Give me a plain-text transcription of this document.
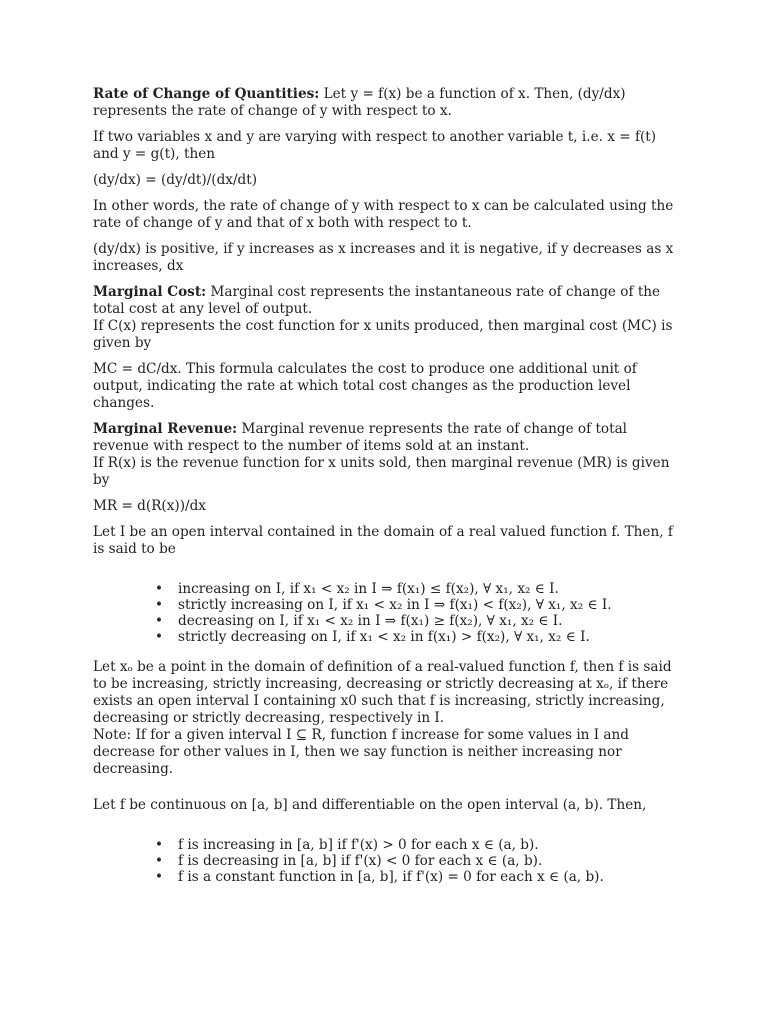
Rate of Change of Quantities: Let y = f(x) be a function of x. Then, (dy/dx) represents the rate of change of y with respect to x.

If two variables x and y are varying with respect to another variable t, i.e. x = f(t) and y = g(t), then

(dy/dx) = (dy/dt)/(dx/dt)

In other words, the rate of change of y with respect to x can be calculated using the rate of change of y and that of x both with respect to t.

(dy/dx) is positive, if y increases as x increases and it is negative, if y decreases as x increases, dx

Marginal Cost: Marginal cost represents the instantaneous rate of change of the total cost at any level of output.
If C(x) represents the cost function for x units produced, then marginal cost (MC) is given by

MC = dC/dx. This formula calculates the cost to produce one additional unit of output, indicating the rate at which total cost changes as the production level changes.

Marginal Revenue: Marginal revenue represents the rate of change of total revenue with respect to the number of items sold at an instant.
If R(x) is the revenue function for x units sold, then marginal revenue (MR) is given by

MR = d(R(x))/dx

Let I be an open interval contained in the domain of a real valued function f. Then, f is said to be

• increasing on I, if x₁ < x₂ in I ⇒ f(x₁) ≤ f(x₂), ∀ x₁, x₂ ∈ I.
• strictly increasing on I, if x₁ < x₂ in I ⇒ f(x₁) < f(x₂), ∀ x₁, x₂ ∈ I.
• decreasing on I, if x₁ < x₂ in I ⇒ f(x₁) ≥ f(x₂), ∀ x₁, x₂ ∈ I.
• strictly decreasing on I, if x₁ < x₂ in f(x₁) > f(x₂), ∀ x₁, x₂ ∈ I.

Let xₒ be a point in the domain of definition of a real-valued function f, then f is said to be increasing, strictly increasing, decreasing or strictly decreasing at xₒ, if there exists an open interval I containing x0 such that f is increasing, strictly increasing, decreasing or strictly decreasing, respectively in I.

Note: If for a given interval I ⊆ R, function f increase for some values in I and decrease for other values in I, then we say function is neither increasing nor decreasing.

Let f be continuous on [a, b] and differentiable on the open interval (a, b). Then,

• f is increasing in [a, b] if f'(x) > 0 for each x ∈ (a, b).
• f is decreasing in [a, b] if f'(x) < 0 for each x ∈ (a, b).
• f is a constant function in [a, b], if f'(x) = 0 for each x ∈ (a, b).
